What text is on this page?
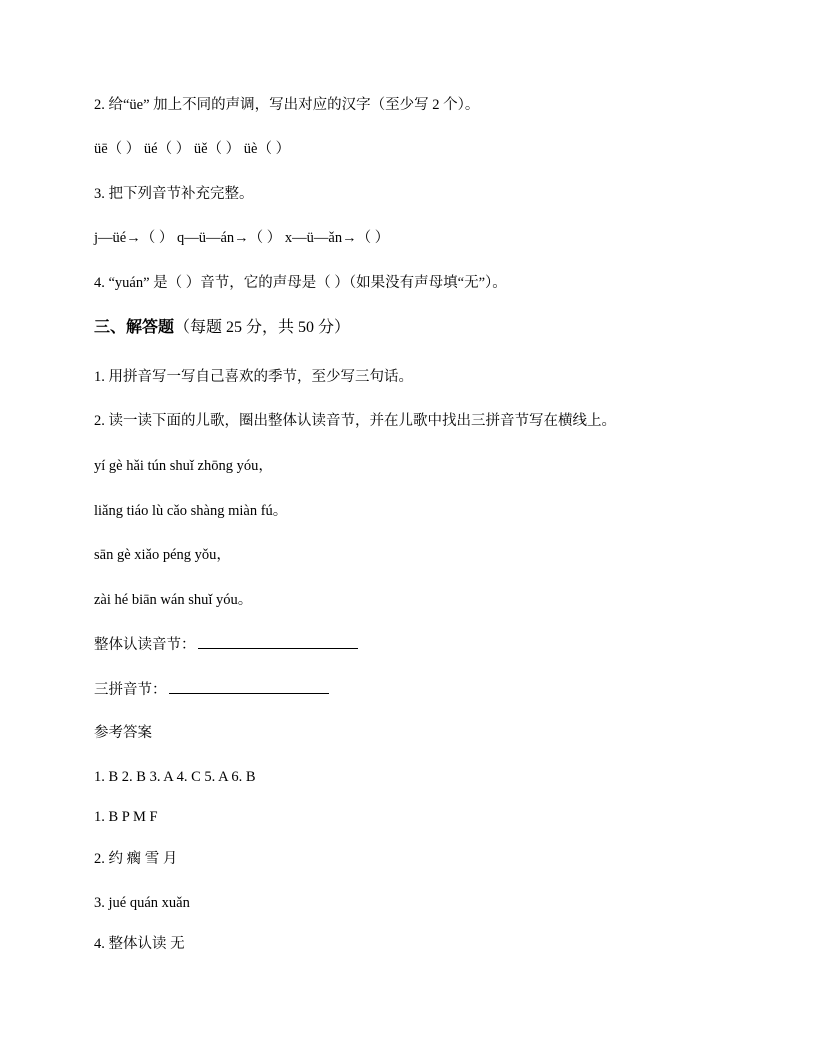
2. 给“üe” 加上不同的声调，写出对应的汉字（至少写 2 个）。

üē（ ） üé（ ） üě（ ） üè（ ）

3. 把下列音节补充完整。

j—üé→（ ） q—ü—án→（ ） x—ü—ǎn→（ ）

4. “yuán” 是（ ）音节，它的声母是（ ）（如果没有声母填“无”）。

三、解答题（每题 25 分，共 50 分）

1. 用拼音写一写自己喜欢的季节，至少写三句话。

2. 读一读下面的儿歌，圈出整体认读音节，并在儿歌中找出三拼音节写在横线上。

yí gè hǎi tún shuǐ zhōng yóu，

liǎng tiáo lù cǎo shàng miàn fú。

sān gè xiǎo péng yǒu，

zài hé biān wán shuǐ yóu。

整体认读音节：

三拼音节：

参考答案

1. B 2. B 3. A 4. C 5. A 6. B

1. B P M F

2. 约 瘸 雪 月

3. jué quán xuǎn

4. 整体认读 无
